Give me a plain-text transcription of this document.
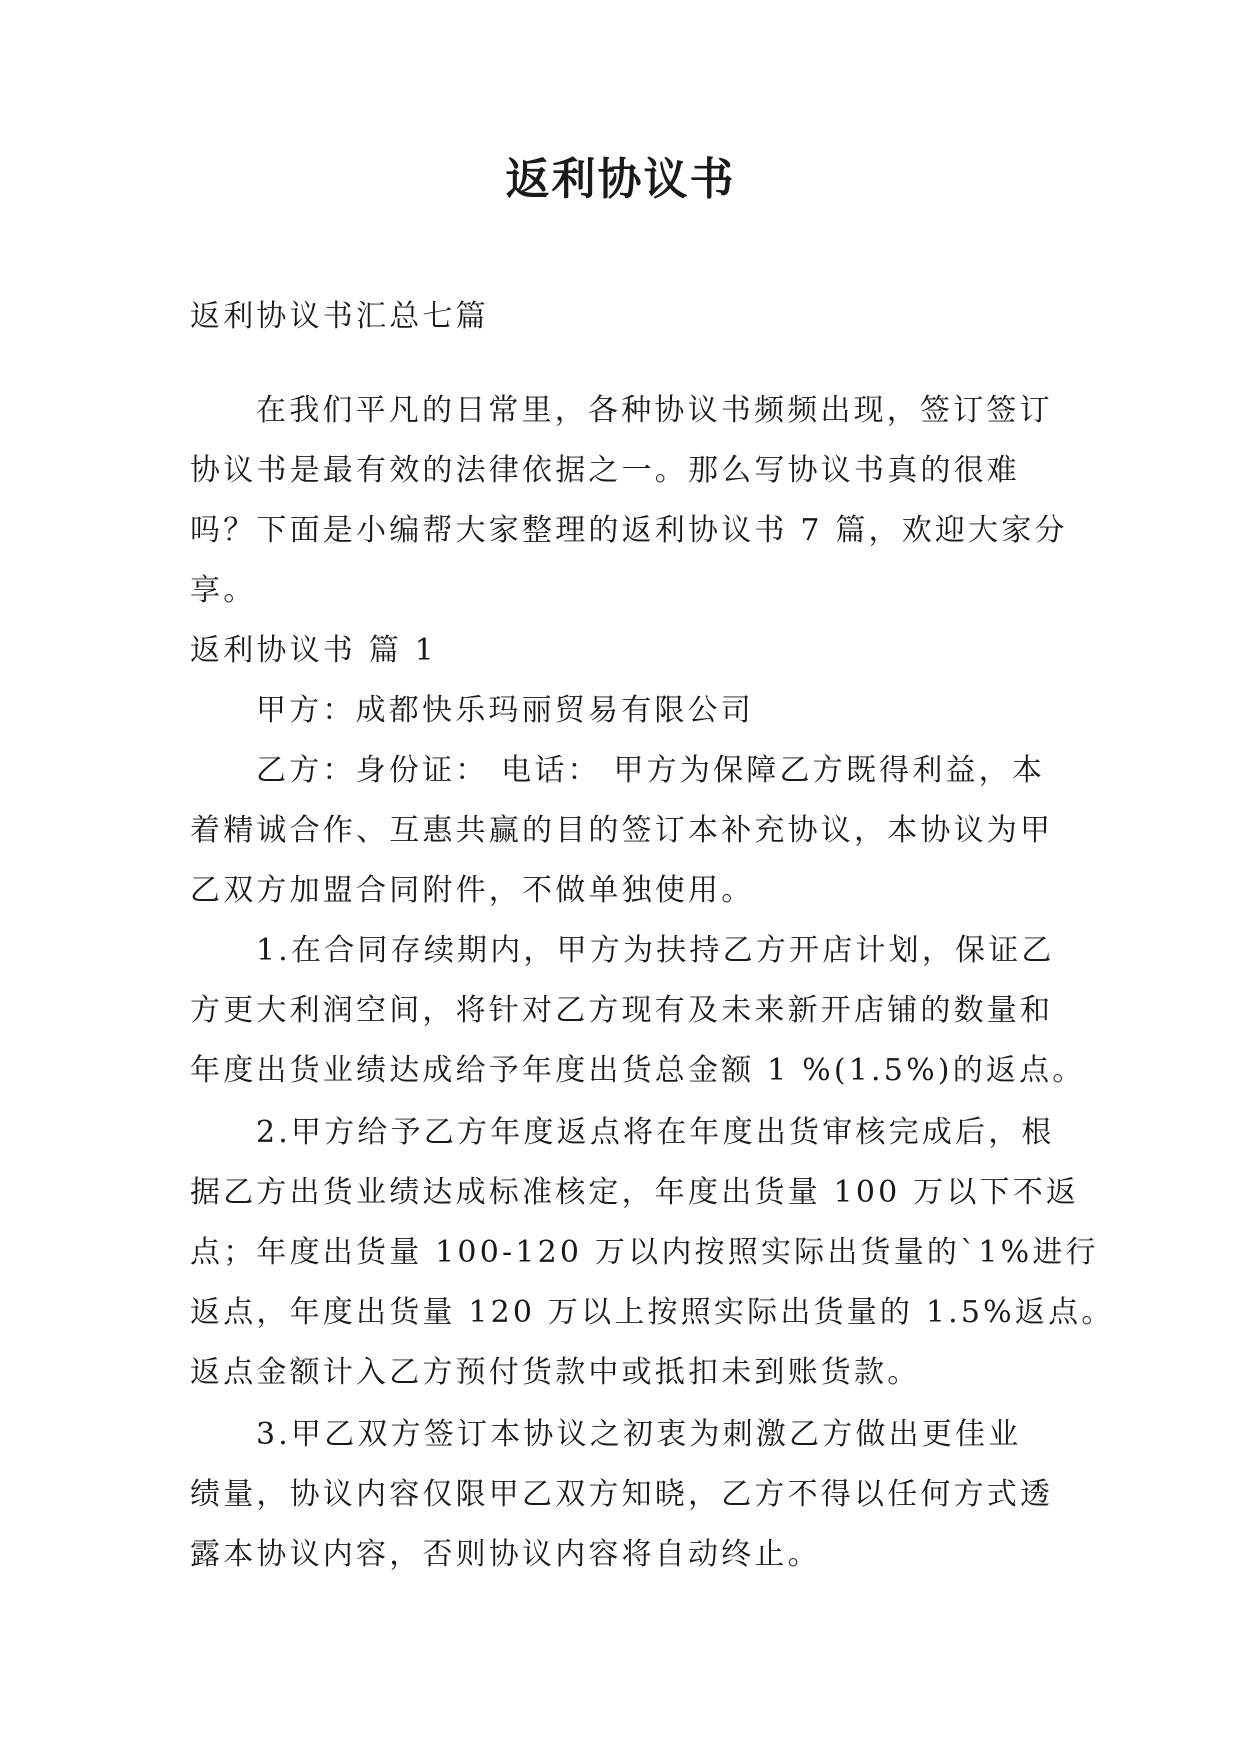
返利协议书
返利协议书汇总七篇
在我们平凡的日常里，各种协议书频频出现，签订签订
协议书是最有效的法律依据之一。那么写协议书真的很难
吗？下面是小编帮大家整理的返利协议书 7 篇，欢迎大家分
享。
返利协议书 篇 1
甲方：成都快乐玛丽贸易有限公司
乙方：身份证： 电话： 甲方为保障乙方既得利益，本
着精诚合作、互惠共赢的目的签订本补充协议，本协议为甲
乙双方加盟合同附件，不做单独使用。
1.在合同存续期内，甲方为扶持乙方开店计划，保证乙
方更大利润空间，将针对乙方现有及未来新开店铺的数量和
年度出货业绩达成给予年度出货总金额 1 %(1.5%)的返点。
2.甲方给予乙方年度返点将在年度出货审核完成后，根
据乙方出货业绩达成标准核定，年度出货量 100 万以下不返
点；年度出货量 100-120 万以内按照实际出货量的`1%进行
返点，年度出货量 120 万以上按照实际出货量的 1.5%返点。
返点金额计入乙方预付货款中或抵扣未到账货款。
3.甲乙双方签订本协议之初衷为刺激乙方做出更佳业
绩量，协议内容仅限甲乙双方知晓，乙方不得以任何方式透
露本协议内容，否则协议内容将自动终止。
